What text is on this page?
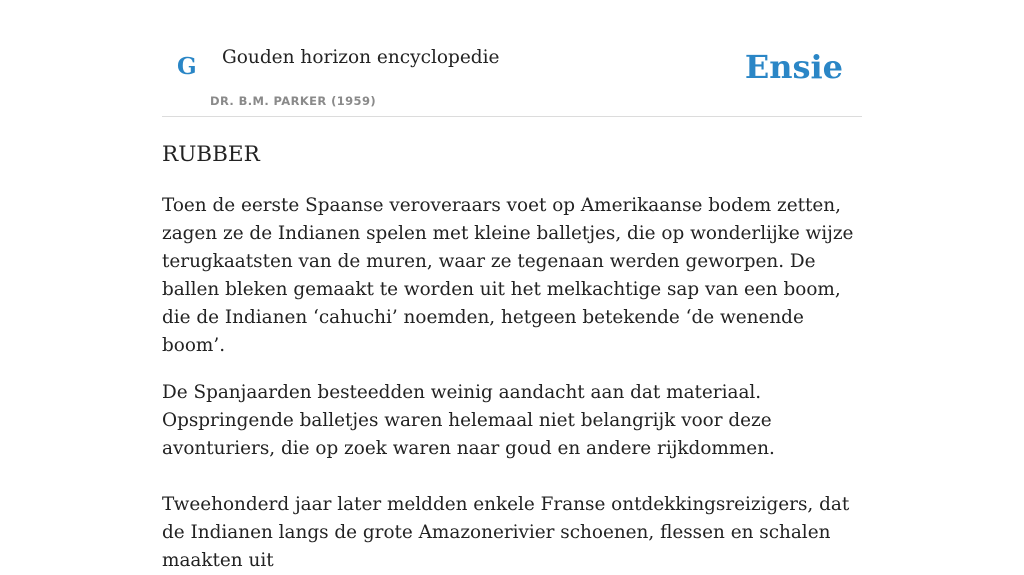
G Gouden horizon encyclopedie
DR. B.M. PARKER (1959)
Ensie
RUBBER

Toen de eerste Spaanse veroveraars voet op Amerikaanse bodem zetten, zagen ze de Indianen spelen met kleine balletjes, die op wonderlijke wijze terugkaatsten van de muren, waar ze tegenaan werden geworpen. De ballen bleken gemaakt te worden uit het melkachtige sap van een boom, die de Indianen ‘cahuchi’ noemden, hetgeen betekende ‘de wenende boom’.

De Spanjaarden besteedden weinig aandacht aan dat materiaal. Opspringende balletjes waren helemaal niet belangrijk voor deze avonturiers, die op zoek waren naar goud en andere rijkdommen.

Tweehonderd jaar later meldden enkele Franse ontdekkingsreizigers, dat de Indianen langs de grote Amazonerivier schoenen, flessen en schalen maakten uit
